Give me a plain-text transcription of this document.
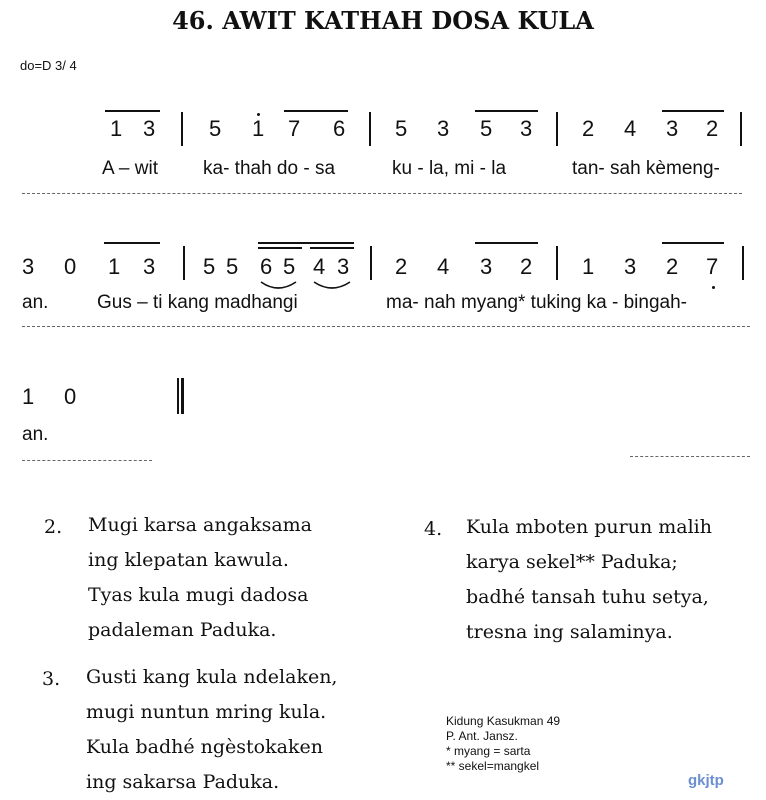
46. AWIT KATHAH DOSA KULA
do=D 3/ 4
1 3 5 1 7 6 5 3 5 3 2 4 3 2
A – wit ka- thah do - sa	ku - la, mi - la	tan- sah kèmeng-
3 0 1 3 5 5 6 5 4 3 2 4 3 2 1 3 2 7
an.	Gus – ti kang madhangi	ma- nah myang* tuking ka - bingah-
1 0
an.
2. Mugi karsa angaksama
ing klepatan kawula.
Tyas kula mugi dadosa
padaleman Paduka.
3. Gusti kang kula ndelaken,
mugi nuntun mring kula.
Kula badhé ngèstokaken
ing sakarsa Paduka.
4. Kula mboten purun malih
karya sekel** Paduka;
badhé tansah tuhu setya,
tresna ing salaminya.
Kidung Kasukman 49
P. Ant. Jansz.
* myang = sarta
** sekel=mangkel
gkjtp
